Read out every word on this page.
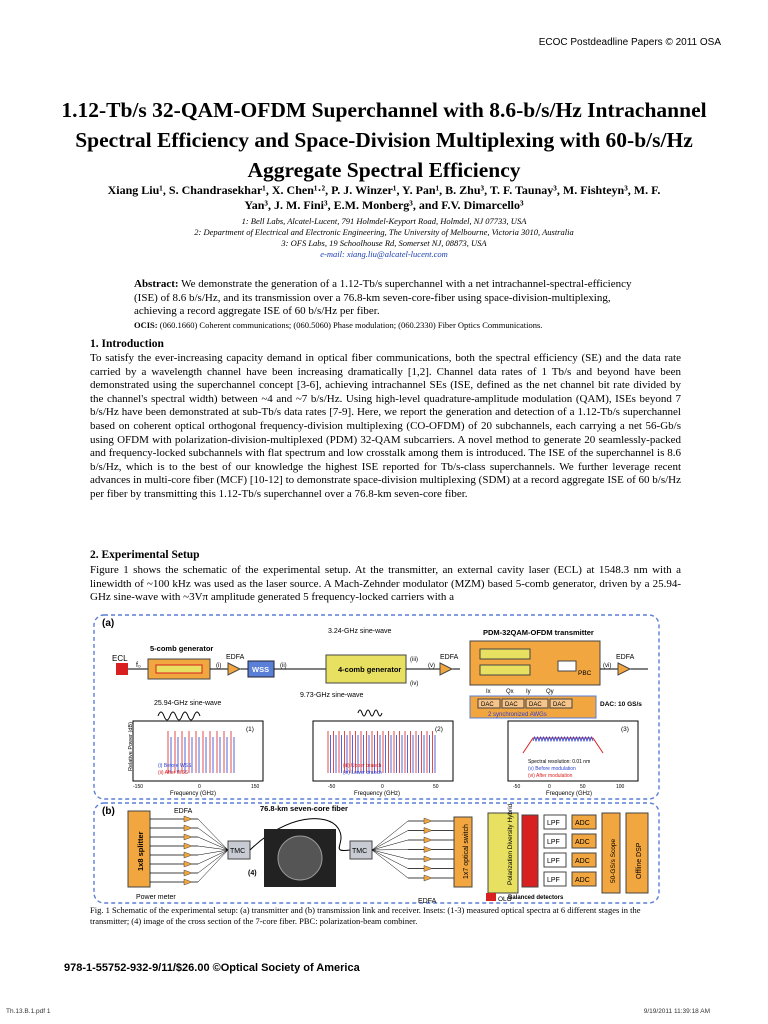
ECOC Postdeadline Papers © 2011 OSA
1.12-Tb/s 32-QAM-OFDM Superchannel with 8.6-b/s/Hz Intrachannel Spectral Efficiency and Space-Division Multiplexing with 60-b/s/Hz Aggregate Spectral Efficiency
Xiang Liu¹, S. Chandrasekhar¹, X. Chen¹·², P. J. Winzer¹, Y. Pan¹, B. Zhu³, T. F. Taunay³, M. Fishteyn³, M. F.
Yan³, J. M. Fini³, E.M. Monberg³, and F.V. Dimarcello³
1: Bell Labs, Alcatel-Lucent, 791 Holmdel-Keyport Road, Holmdel, NJ 07733, USA
2: Department of Electrical and Electronic Engineering, The University of Melbourne, Victoria 3010, Australia
3: OFS Labs, 19 Schoolhouse Rd, Somerset NJ, 08873, USA
e-mail: xiang.liu@alcatel-lucent.com
Abstract: We demonstrate the generation of a 1.12-Tb/s superchannel with a net intrachannel-spectral-efficiency (ISE) of 8.6 b/s/Hz, and its transmission over a 76.8-km seven-core-fiber using space-division-multiplexing, achieving a record aggregate ISE of 60 b/s/Hz per fiber.
OCIS: (060.1660) Coherent communications; (060.5060) Phase modulation; (060.2330) Fiber Optics Communications.
1. Introduction
To satisfy the ever-increasing capacity demand in optical fiber communications, both the spectral efficiency (SE) and the data rate carried by a wavelength channel have been increasing dramatically [1,2]. Channel data rates of 1 Tb/s and beyond have been demonstrated using the superchannel concept [3-6], achieving intrachannel SEs (ISE, defined as the net channel bit rate divided by the channel's spectral width) between ~4 and ~7 b/s/Hz. Using high-level quadrature-amplitude modulation (QAM), ISEs beyond 7 b/s/Hz have been demonstrated at sub-Tb/s data rates [7-9]. Here, we report the generation and detection of a 1.12-Tb/s superchannel based on coherent optical orthogonal frequency-division multiplexing (CO-OFDM) of 20 subchannels, each carrying a net 56-Gb/s using OFDM with polarization-division-multiplexed (PDM) 32-QAM subcarriers. A novel method to generate 20 seamlessly-packed and frequency-locked subchannels with flat spectrum and low crosstalk among them is introduced. The ISE of the superchannel is 8.6 b/s/Hz, which is to the best of our knowledge the highest ISE reported for Tb/s-class superchannels. We further leverage recent advances in multi-core fiber (MCF) [10-12] to demonstrate space-division multiplexing (SDM) at a record aggregate ISE of 60 b/s/Hz per fiber by transmitting this 1.12-Tb/s superchannel over a 76.8-km seven-core fiber.
2. Experimental Setup
Figure 1 shows the schematic of the experimental setup. At the transmitter, an external cavity laser (ECL) at 1548.3 nm with a linewidth of ~100 kHz was used as the laser source. A Mach-Zehnder modulator (MZM) based 5-comb generator, driven by a 25.94-GHz sine-wave with ~3Vπ amplitude generated 5 frequency-locked carriers with a
(a)
ECL
f₀
5-comb generator
25.94-GHz sine-wave
EDFA
(i)	WSS (ii)	4-comb generator
3.24-GHz sine-wave
9.73-GHz sine-wave
(iii)
(iv)
(v)
EDFA
PDM-32QAM-OFDM transmitter
PBC
EDFA
(vi)
Ix	Qx Iy	Qy
DAC DAC DAC DAC	DAC: 10 GS/s
2 synchronized AWGs
(1)
(i) Before WSS
(ii) After WSS
Relative Power (dB)
Frequency (GHz)
-150	0	150
(2)
(iii) Upper branch
(iv) Lower branch
Frequency (GHz)
-50	0	50
(3)
Spectral resolution: 0.01 nm
(v) Before modulation
(vi) After modulation
Frequency (GHz)
-50	0	50	100
(b)
1x8 splitter
Power meter
EDFA
TMC
76.8-km seven-core fiber
(4)
TMC
EDFA
1x7 optical switch	Polarization Diversity Hybrid
Balanced detectors
OLO
LPF ADC
LPF ADC
LPF ADC
LPF ADC	50-GS/s Scope	Offline DSP
Fig. 1 Schematic of the experimental setup: (a) transmitter and (b) transmission link and receiver. Insets: (1-3) measured optical spectra at 6 different stages in the transmitter; (4) image of the cross section of the 7-core fiber. PBC: polarization-beam combiner.
978-1-55752-932-9/11/$26.00 ©Optical Society of America
Th.13.B.1.pdf 1	9/19/2011 11:39:18 AM
